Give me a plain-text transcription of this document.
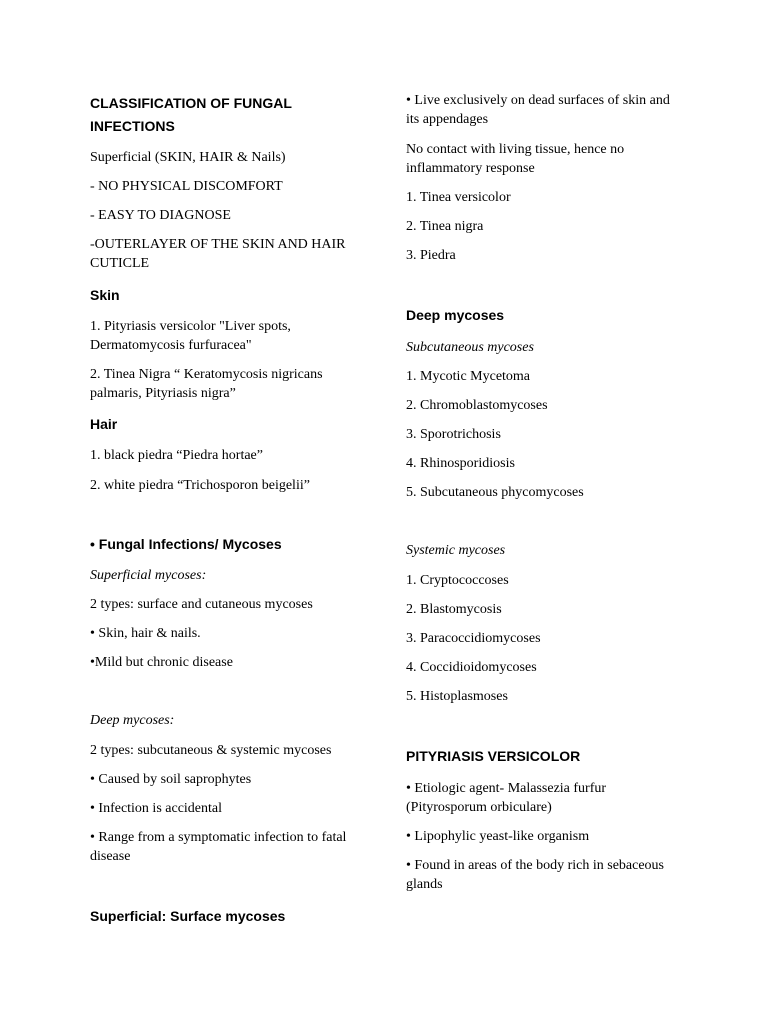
CLASSIFICATION OF FUNGAL
INFECTIONS

Superficial (SKIN, HAIR & Nails)

- NO PHYSICAL DISCOMFORT

- EASY TO DIAGNOSE

-OUTERLAYER OF THE SKIN AND HAIR
CUTICLE

Skin

1. Pityriasis versicolor "Liver spots,
Dermatomycosis furfuracea"

2. Tinea Nigra “ Keratomycosis nigricans
palmaris, Pityriasis nigra”

Hair

1. black piedra “Piedra hortae”

2. white piedra “Trichosporon beigelii”

• Fungal Infections/ Mycoses

Superficial mycoses:

2 types: surface and cutaneous mycoses

• Skin, hair & nails.

•Mild but chronic disease

Deep mycoses:

2 types: subcutaneous & systemic mycoses

• Caused by soil saprophytes

• Infection is accidental

• Range from a symptomatic infection to fatal
disease

Superficial: Surface mycoses

• Live exclusively on dead surfaces of skin and
its appendages

No contact with living tissue, hence no
inflammatory response

1. Tinea versicolor

2. Tinea nigra

3. Piedra

Deep mycoses

Subcutaneous mycoses

1. Mycotic Mycetoma

2. Chromoblastomycoses

3. Sporotrichosis

4. Rhinosporidiosis

5. Subcutaneous phycomycoses

Systemic mycoses

1. Cryptococcoses

2. Blastomycosis

3. Paracoccidiomycoses

4. Coccidioidomycoses

5. Histoplasmoses

PITYRIASIS VERSICOLOR

• Etiologic agent- Malassezia furfur
(Pityrosporum orbiculare)

• Lipophylic yeast-like organism

• Found in areas of the body rich in sebaceous
glands
